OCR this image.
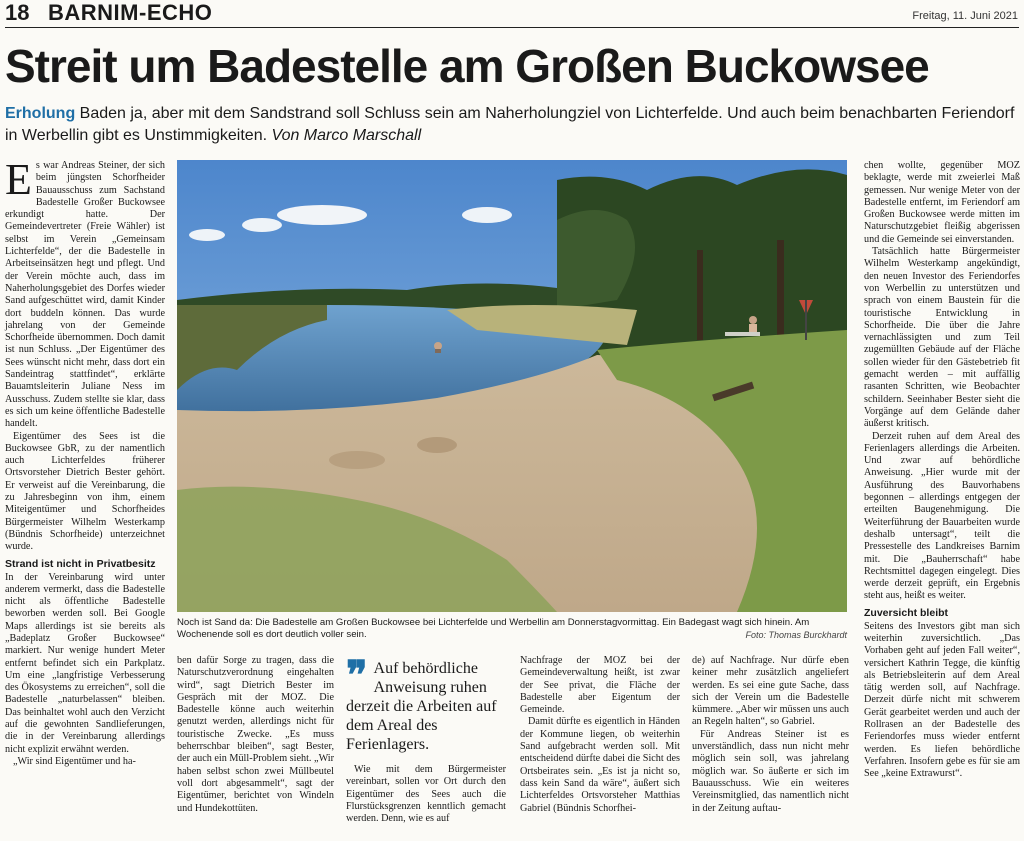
18 BARNIM-ECHO	Freitag, 11. Juni 2021
Streit um Badestelle am Großen Buckowsee
Erholung Baden ja, aber mit dem Sandstrand soll Schluss sein am Naherholungziel von Lichterfelde. Und auch beim benachbarten Feriendorf in Werbellin gibt es Unstimmigkeiten. Von Marco Marschall

Es war Andreas Steiner, der sich beim jüngsten Schorfheider Bauausschuss zum Sachstand Badestelle Großer Buckowsee erkundigt hatte. Der Gemeindevertreter (Freie Wähler) ist selbst im Verein „Gemeinsam Lichterfelde“, der die Badestelle in Arbeitseinsätzen hegt und pflegt. Und der Verein möchte auch, dass im Naherholungsgebiet des Dorfes wieder Sand aufgeschüttet wird, damit Kinder dort buddeln können. Das wurde jahrelang von der Gemeinde Schorfheide übernommen. Doch damit ist nun Schluss. „Der Eigentümer des Sees wünscht nicht mehr, dass dort ein Sandeintrag stattfindet“, erklärte Bauamtsleiterin Juliane Ness im Ausschuss. Zudem stellte sie klar, dass es sich um keine öffentliche Badestelle handelt.

Eigentümer des Sees ist die Buckowsee GbR, zu der namentlich auch Lichterfeldes früherer Ortsvorsteher Dietrich Bester gehört. Er verweist auf die Vereinbarung, die zu Jahresbeginn von ihm, einem Miteigentümer und Schorfheides Bürgermeister Wilhelm Westerkamp (Bündnis Schorfheide) unterzeichnet wurde.

Strand ist nicht in Privatbesitz

In der Vereinbarung wird unter anderem vermerkt, dass die Badestelle nicht als öffentliche Badestelle beworben werden soll. Bei Google Maps allerdings ist sie bereits als „Badeplatz Großer Buckowsee“ markiert. Nur wenige hundert Meter entfernt befindet sich ein Parkplatz. Um eine „langfristige Verbesserung des Ökosystems zu erreichen“, soll die Badestelle „naturbelassen“ bleiben. Das beinhaltet wohl auch den Verzicht auf die gewohnten Sandlieferungen, die in der Vereinbarung allerdings nicht explizit erwähnt werden.

„Wir sind Eigentümer und ha-

Noch ist Sand da: Die Badestelle am Großen Buckowsee bei Lichterfelde und Werbellin am Donnerstagvormittag. Ein Badegast wagt sich hinein. Am Wochenende soll es dort deutlich voller sein.	Foto: Thomas Burckhardt

ben dafür Sorge zu tragen, dass die Naturschutzverordnung eingehalten wird“, sagt Dietrich Bester im Gespräch mit der MOZ. Die Badestelle könne auch weiterhin genutzt werden, allerdings nicht für touristische Zwecke. „Es muss beherrschbar bleiben“, sagt Bester, der auch ein Müll-Problem sieht. „Wir haben selbst schon zwei Müllbeutel voll dort abgesammelt“, sagt der Eigentümer, berichtet von Windeln und Hundekottüten.

❞ Auf behördliche Anweisung ruhen derzeit die Arbeiten auf dem Areal des Ferienlagers.

Wie mit dem Bürgermeister vereinbart, sollen vor Ort durch den Eigentümer des Sees auch die Flurstücksgrenzen kenntlich gemacht werden. Denn, wie es auf

Nachfrage der MOZ bei der Gemeindeverwaltung heißt, ist zwar der See privat, die Fläche der Badestelle aber Eigentum der Gemeinde.

Damit dürfte es eigentlich in Händen der Kommune liegen, ob weiterhin Sand aufgebracht werden soll. Mit entscheidend dürfte dabei die Sicht des Ortsbeirates sein. „Es ist ja nicht so, dass kein Sand da wäre“, äußert sich Lichterfeldes Ortsvorsteher Matthias Gabriel (Bündnis Schorfhei-

de) auf Nachfrage. Nur dürfe eben keiner mehr zusätzlich angeliefert werden. Es sei eine gute Sache, dass sich der Verein um die Badestelle kümmere. „Aber wir müssen uns auch an Regeln halten“, so Gabriel.

Für Andreas Steiner ist es unverständlich, dass nun nicht mehr möglich sein soll, was jahrelang möglich war. So äußerte er sich im Bauausschuss. Wie ein weiteres Vereinsmitglied, das namentlich nicht in der Zeitung auftau-

chen wollte, gegenüber MOZ beklagte, werde mit zweierlei Maß gemessen. Nur wenige Meter von der Badestelle entfernt, im Feriendorf am Großen Buckowsee werde mitten im Naturschutzgebiet fleißig abgerissen und die Gemeinde sei einverstanden.

Tatsächlich hatte Bürgermeister Wilhelm Westerkamp angekündigt, den neuen Investor des Feriendorfes von Werbellin zu unterstützen und sprach von einem Baustein für die touristische Entwicklung in Schorfheide. Die über die Jahre vernachlässigten und zum Teil zugemüllten Gebäude auf der Fläche sollen wieder für den Gästebetrieb fit gemacht werden – mit auffällig rasanten Schritten, wie Beobachter schildern. Seeinhaber Bester sieht die Vorgänge auf dem Gelände daher äußerst kritisch.

Derzeit ruhen auf dem Areal des Ferienlagers allerdings die Arbeiten. Und zwar auf behördliche Anweisung. „Hier wurde mit der Ausführung des Bauvorhabens begonnen – allerdings entgegen der erteilten Baugenehmigung. Die Weiterführung der Bauarbeiten wurde deshalb untersagt“, teilt die Pressestelle des Landkreises Barnim mit. Die „Bauherrschaft“ habe Rechtsmittel dagegen eingelegt. Dies werde derzeit geprüft, ein Ergebnis steht aus, heißt es weiter.

Zuversicht bleibt

Seitens des Investors gibt man sich weiterhin zuversichtlich. „Das Vorhaben geht auf jeden Fall weiter“, versichert Kathrin Tegge, die künftig als Betriebsleiterin auf dem Areal tätig werden soll, auf Nachfrage. Derzeit dürfe nicht mit schwerem Gerät gearbeitet werden und auch der Rollrasen an der Badestelle des Feriendorfes muss wieder entfernt werden. Es liefen behördliche Verfahren. Insofern gebe es für sie am See „keine Extrawurst“.
